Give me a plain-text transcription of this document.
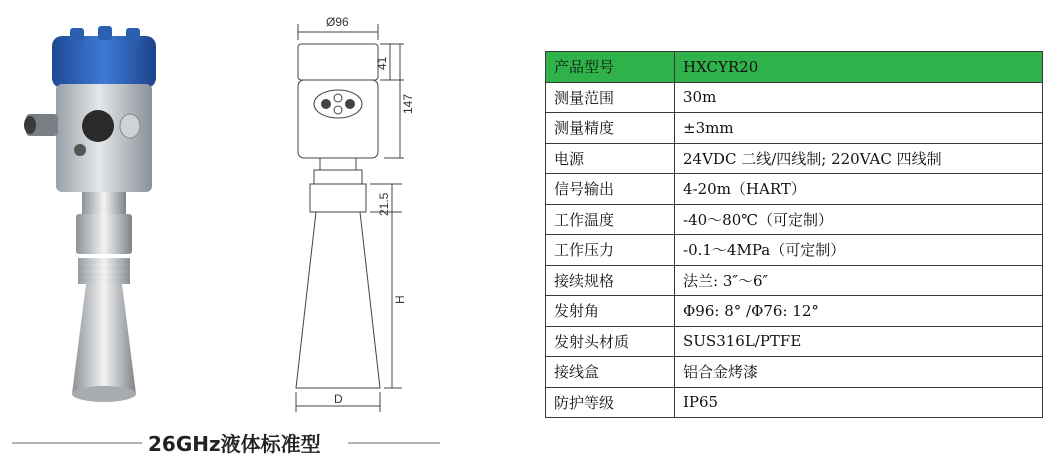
26GHz液体标准型
Ø96
41
147
21.5
H
D
产品型号	HXCYR20
测量范围	30m
测量精度	±3mm
电源	24VDC 二线/四线制; 220VAC 四线制
信号输出	4-20m（HART）
工作温度	-40～80℃（可定制）
工作压力	-0.1～4MPa（可定制）
接续规格	法兰: 3″～6″
发射角	Φ96: 8° /Φ76: 12°
发射头材质	SUS316L/PTFE
接线盒	铝合金烤漆
防护等级	IP65
